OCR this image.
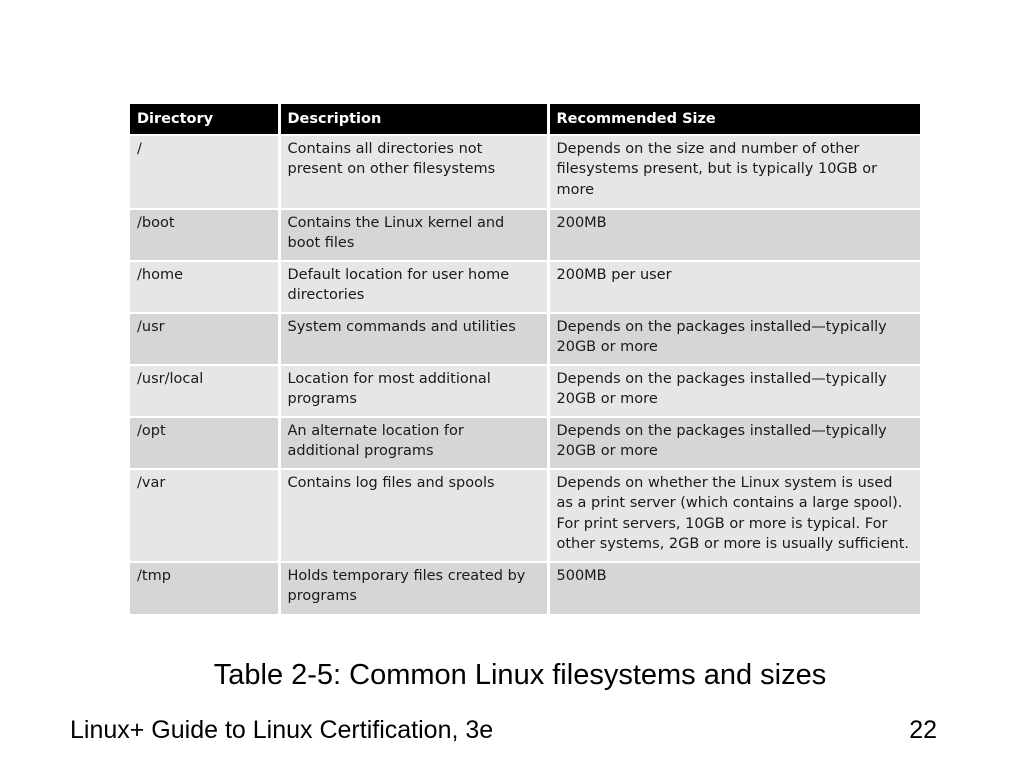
Directory	Description	Recommended Size
/	Contains all directories not present on other filesystems	Depends on the size and number of other filesystems present, but is typically 10GB or more
/boot	Contains the Linux kernel and boot files	200MB
/home	Default location for user home directories	200MB per user
/usr	System commands and utilities	Depends on the packages installed—typically 20GB or more
/usr/local	Location for most additional programs	Depends on the packages installed—typically 20GB or more
/opt	An alternate location for additional programs	Depends on the packages installed—typically 20GB or more
/var	Contains log files and spools	Depends on whether the Linux system is used as a print server (which contains a large spool). For print servers, 10GB or more is typical. For other systems, 2GB or more is usually sufficient.
/tmp	Holds temporary files created by programs	500MB
Table 2-5: Common Linux filesystems and sizes
Linux+ Guide to Linux Certification, 3e	22
